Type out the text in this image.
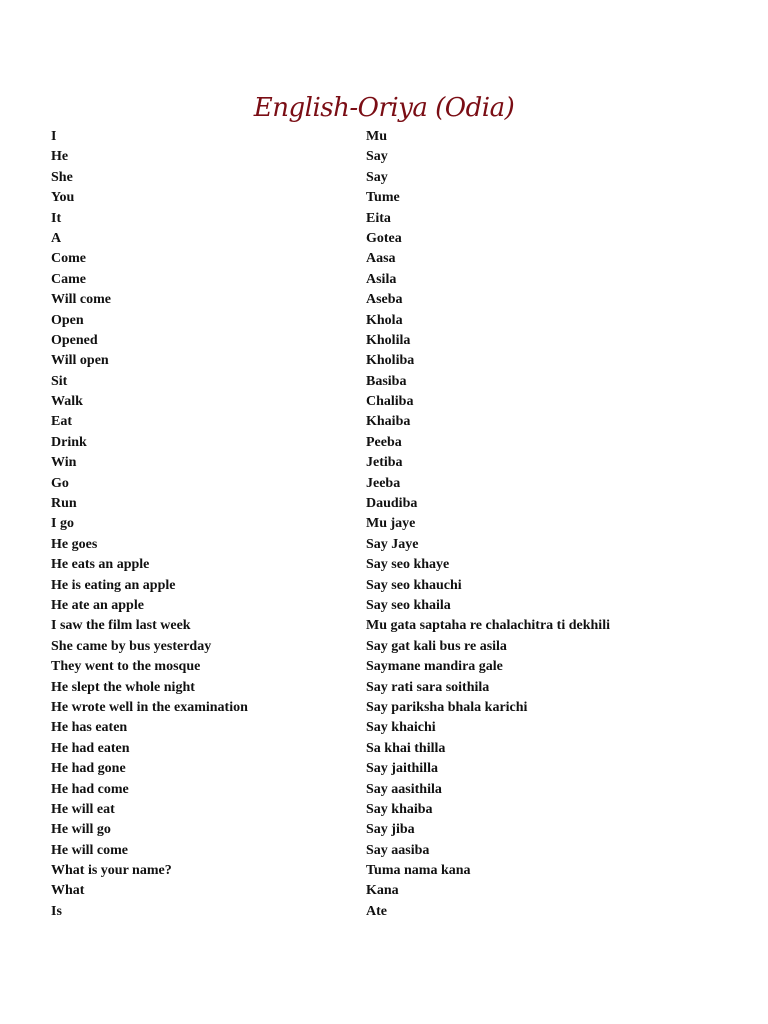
English-Oriya (Odia)
I	Mu
He	Say
She	Say
You	Tume
It	Eita
A	Gotea
Come	Aasa
Came	Asila
Will come	Aseba
Open	Khola
Opened	Kholila
Will open	Kholiba
Sit	Basiba
Walk	Chaliba
Eat	Khaiba
Drink	Peeba
Win	Jetiba
Go	Jeeba
Run	Daudiba
I go	Mu jaye
He goes	Say Jaye
He eats an apple	Say seo khaye
He is eating an apple	Say seo khauchi
He ate an apple	Say seo khaila
I saw the film last week	Mu gata saptaha re chalachitra ti dekhili
She came by bus yesterday	Say gat kali bus re asila
They went to the mosque	Saymane mandira gale
He slept the whole night	Say rati sara soithila
He wrote well in the examination	Say pariksha bhala karichi
He has eaten	Say khaichi
He had eaten	Sa khai thilla
He had gone	Say jaithilla
He had come	Say aasithila
He will eat	Say khaiba
He will go	Say jiba
He will come	Say aasiba
What is your name?	Tuma nama kana
What	Kana
Is	Ate
